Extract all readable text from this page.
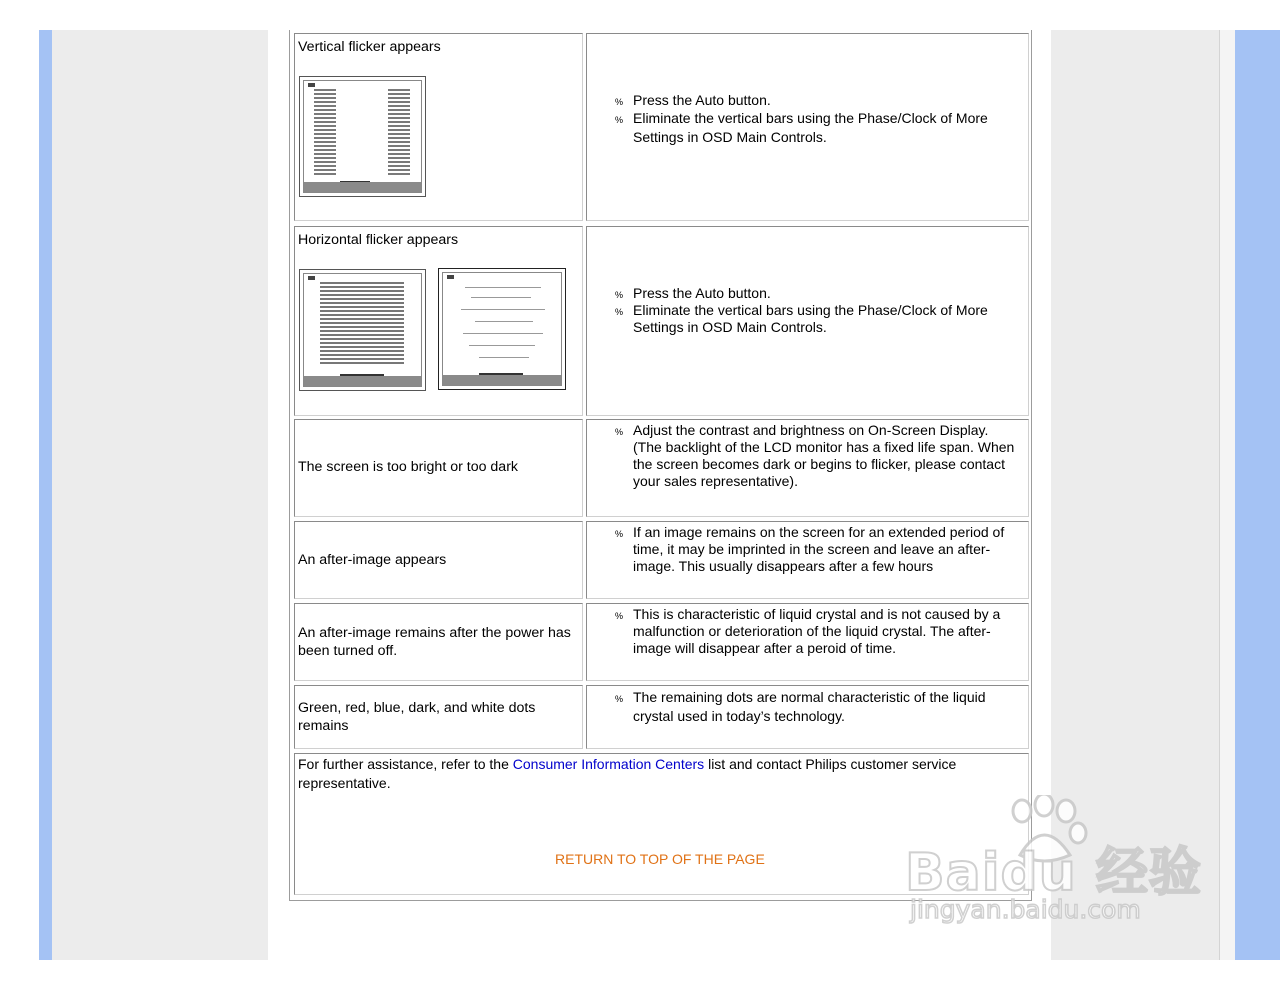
Vertical flicker appears
% Press the Auto button.
% Eliminate the vertical bars using the Phase/Clock of More Settings in OSD Main Controls.
Horizontal flicker appears
% Press the Auto button.
% Eliminate the vertical bars using the Phase/Clock of More Settings in OSD Main Controls.
The screen is too bright or too dark
% Adjust the contrast and brightness on On-Screen Display. (The backlight of the LCD monitor has a fixed life span. When the screen becomes dark or begins to flicker, please contact your sales representative).
An after-image appears
% If an image remains on the screen for an extended period of time, it may be imprinted in the screen and leave an after-image. This usually disappears after a few hours
An after-image remains after the power has been turned off.
% This is characteristic of liquid crystal and is not caused by a malfunction or deterioration of the liquid crystal. The after-image will disappear after a peroid of time.
Green, red, blue, dark, and white dots remains
% The remaining dots are normal characteristic of the liquid crystal used in today’s technology.
For further assistance, refer to the Consumer Information Centers list and contact Philips customer service representative.
RETURN TO TOP OF THE PAGE	Baidu 经验
jingyan.baidu.com
